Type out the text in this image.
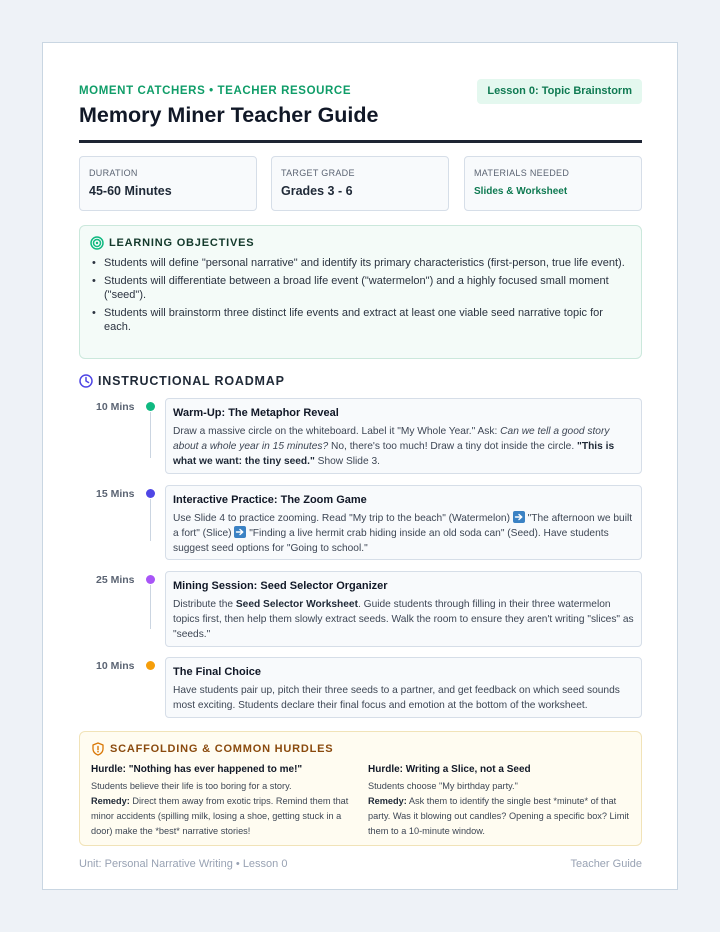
MOMENT CATCHERS • TEACHER RESOURCE
Memory Miner Teacher Guide
Lesson 0: Topic Brainstorm
DURATION
45-60 Minutes
TARGET GRADE
Grades 3 - 6
MATERIALS NEEDED
Slides & Worksheet
LEARNING OBJECTIVES
• Students will define "personal narrative" and identify its primary characteristics (first-person, true life event).
• Students will differentiate between a broad life event ("watermelon") and a highly focused small moment ("seed").
• Students will brainstorm three distinct life events and extract at least one viable seed narrative topic for each.
INSTRUCTIONAL ROADMAP
10 Mins	Warm-Up: The Metaphor Reveal
Draw a massive circle on the whiteboard. Label it "My Whole Year." Ask: Can we tell a good story about a whole year in 15 minutes? No, there's too much! Draw a tiny dot inside the circle. "This is what we want: the tiny seed." Show Slide 3.
15 Mins	Interactive Practice: The Zoom Game
Use Slide 4 to practice zooming. Read "My trip to the beach" (Watermelon)
"The afternoon we built a fort" (Slice)
"Finding a live hermit crab hiding inside an old soda can" (Seed). Have students suggest seed options for "Going to school."
25 Mins	Mining Session: Seed Selector Organizer
Distribute the Seed Selector Worksheet. Guide students through filling in their three watermelon topics first, then help them slowly extract seeds. Walk the room to ensure they aren't writing "slices" as "seeds."
10 Mins	The Final Choice
Have students pair up, pitch their three seeds to a partner, and get feedback on which seed sounds most exciting. Students declare their final focus and emotion at the bottom of the worksheet.
SCAFFOLDING & COMMON HURDLES
Hurdle: "Nothing has ever happened to me!"
Students believe their life is too boring for a story.
Remedy: Direct them away from exotic trips. Remind them that minor accidents (spilling milk, losing a shoe, getting stuck in a door) make the *best* narrative stories!
Hurdle: Writing a Slice, not a Seed
Students choose "My birthday party."
Remedy: Ask them to identify the single best *minute* of that party. Was it blowing out candles? Opening a specific box? Limit them to a 10-minute window.
Unit: Personal Narrative Writing • Lesson 0	Teacher Guide
